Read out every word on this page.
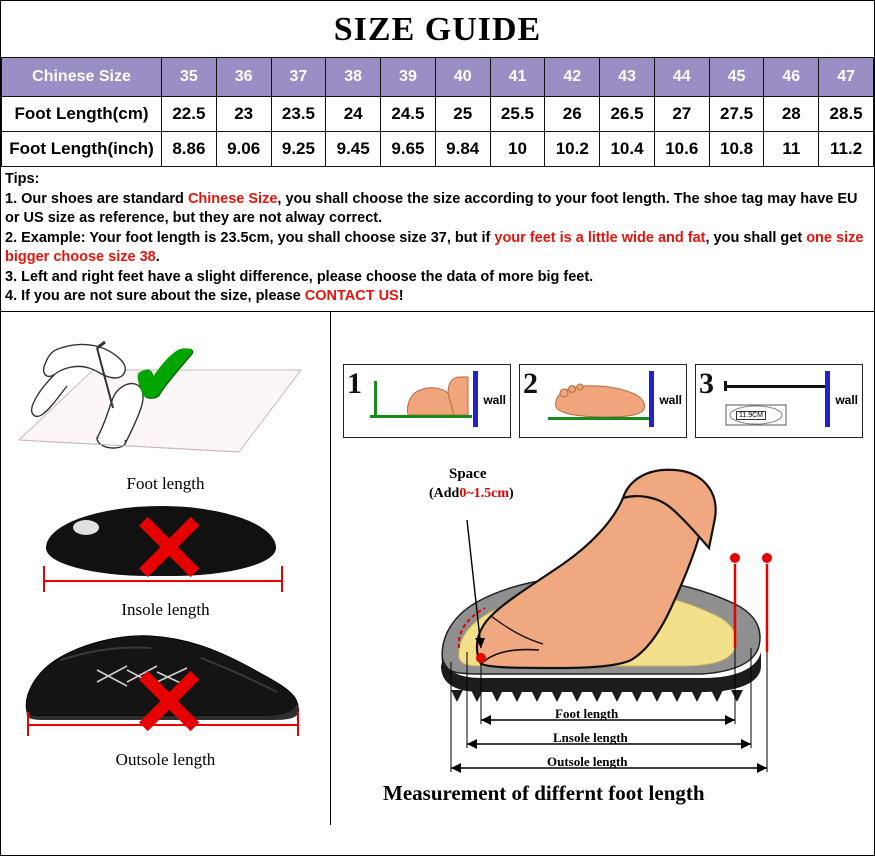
SIZE GUIDE
Chinese Size	35	36	37	38	39	40	41	42	43	44	45	46	47
Foot Length(cm)	22.5	23	23.5	24	24.5	25	25.5	26	26.5	27	27.5	28	28.5
Foot Length(inch)	8.86	9.06	9.25	9.45	9.65	9.84	10	10.2	10.4	10.6	10.8	11	11.2
Tips:
1. Our shoes are standard Chinese Size, you shall choose the size according to your foot length. The shoe tag may have EU or US size as reference, but they are not alway correct.
2. Example: Your foot length is 23.5cm, you shall choose size 37, but if your feet is a little wide and fat, you shall get one size bigger choose size 38.
3. Left and right feet have a slight difference, please choose the data of more big feet.
4. If you are not sure about the size, please CONTACT US!
✔
Foot length
✕
Insole length
✕
Outsole length
1	wall 2	wall 3
11.9CM
wall
Space
(Add0~1.5cm)
Foot length
Lnsole length
Outsole length
Measurement of differnt foot length
